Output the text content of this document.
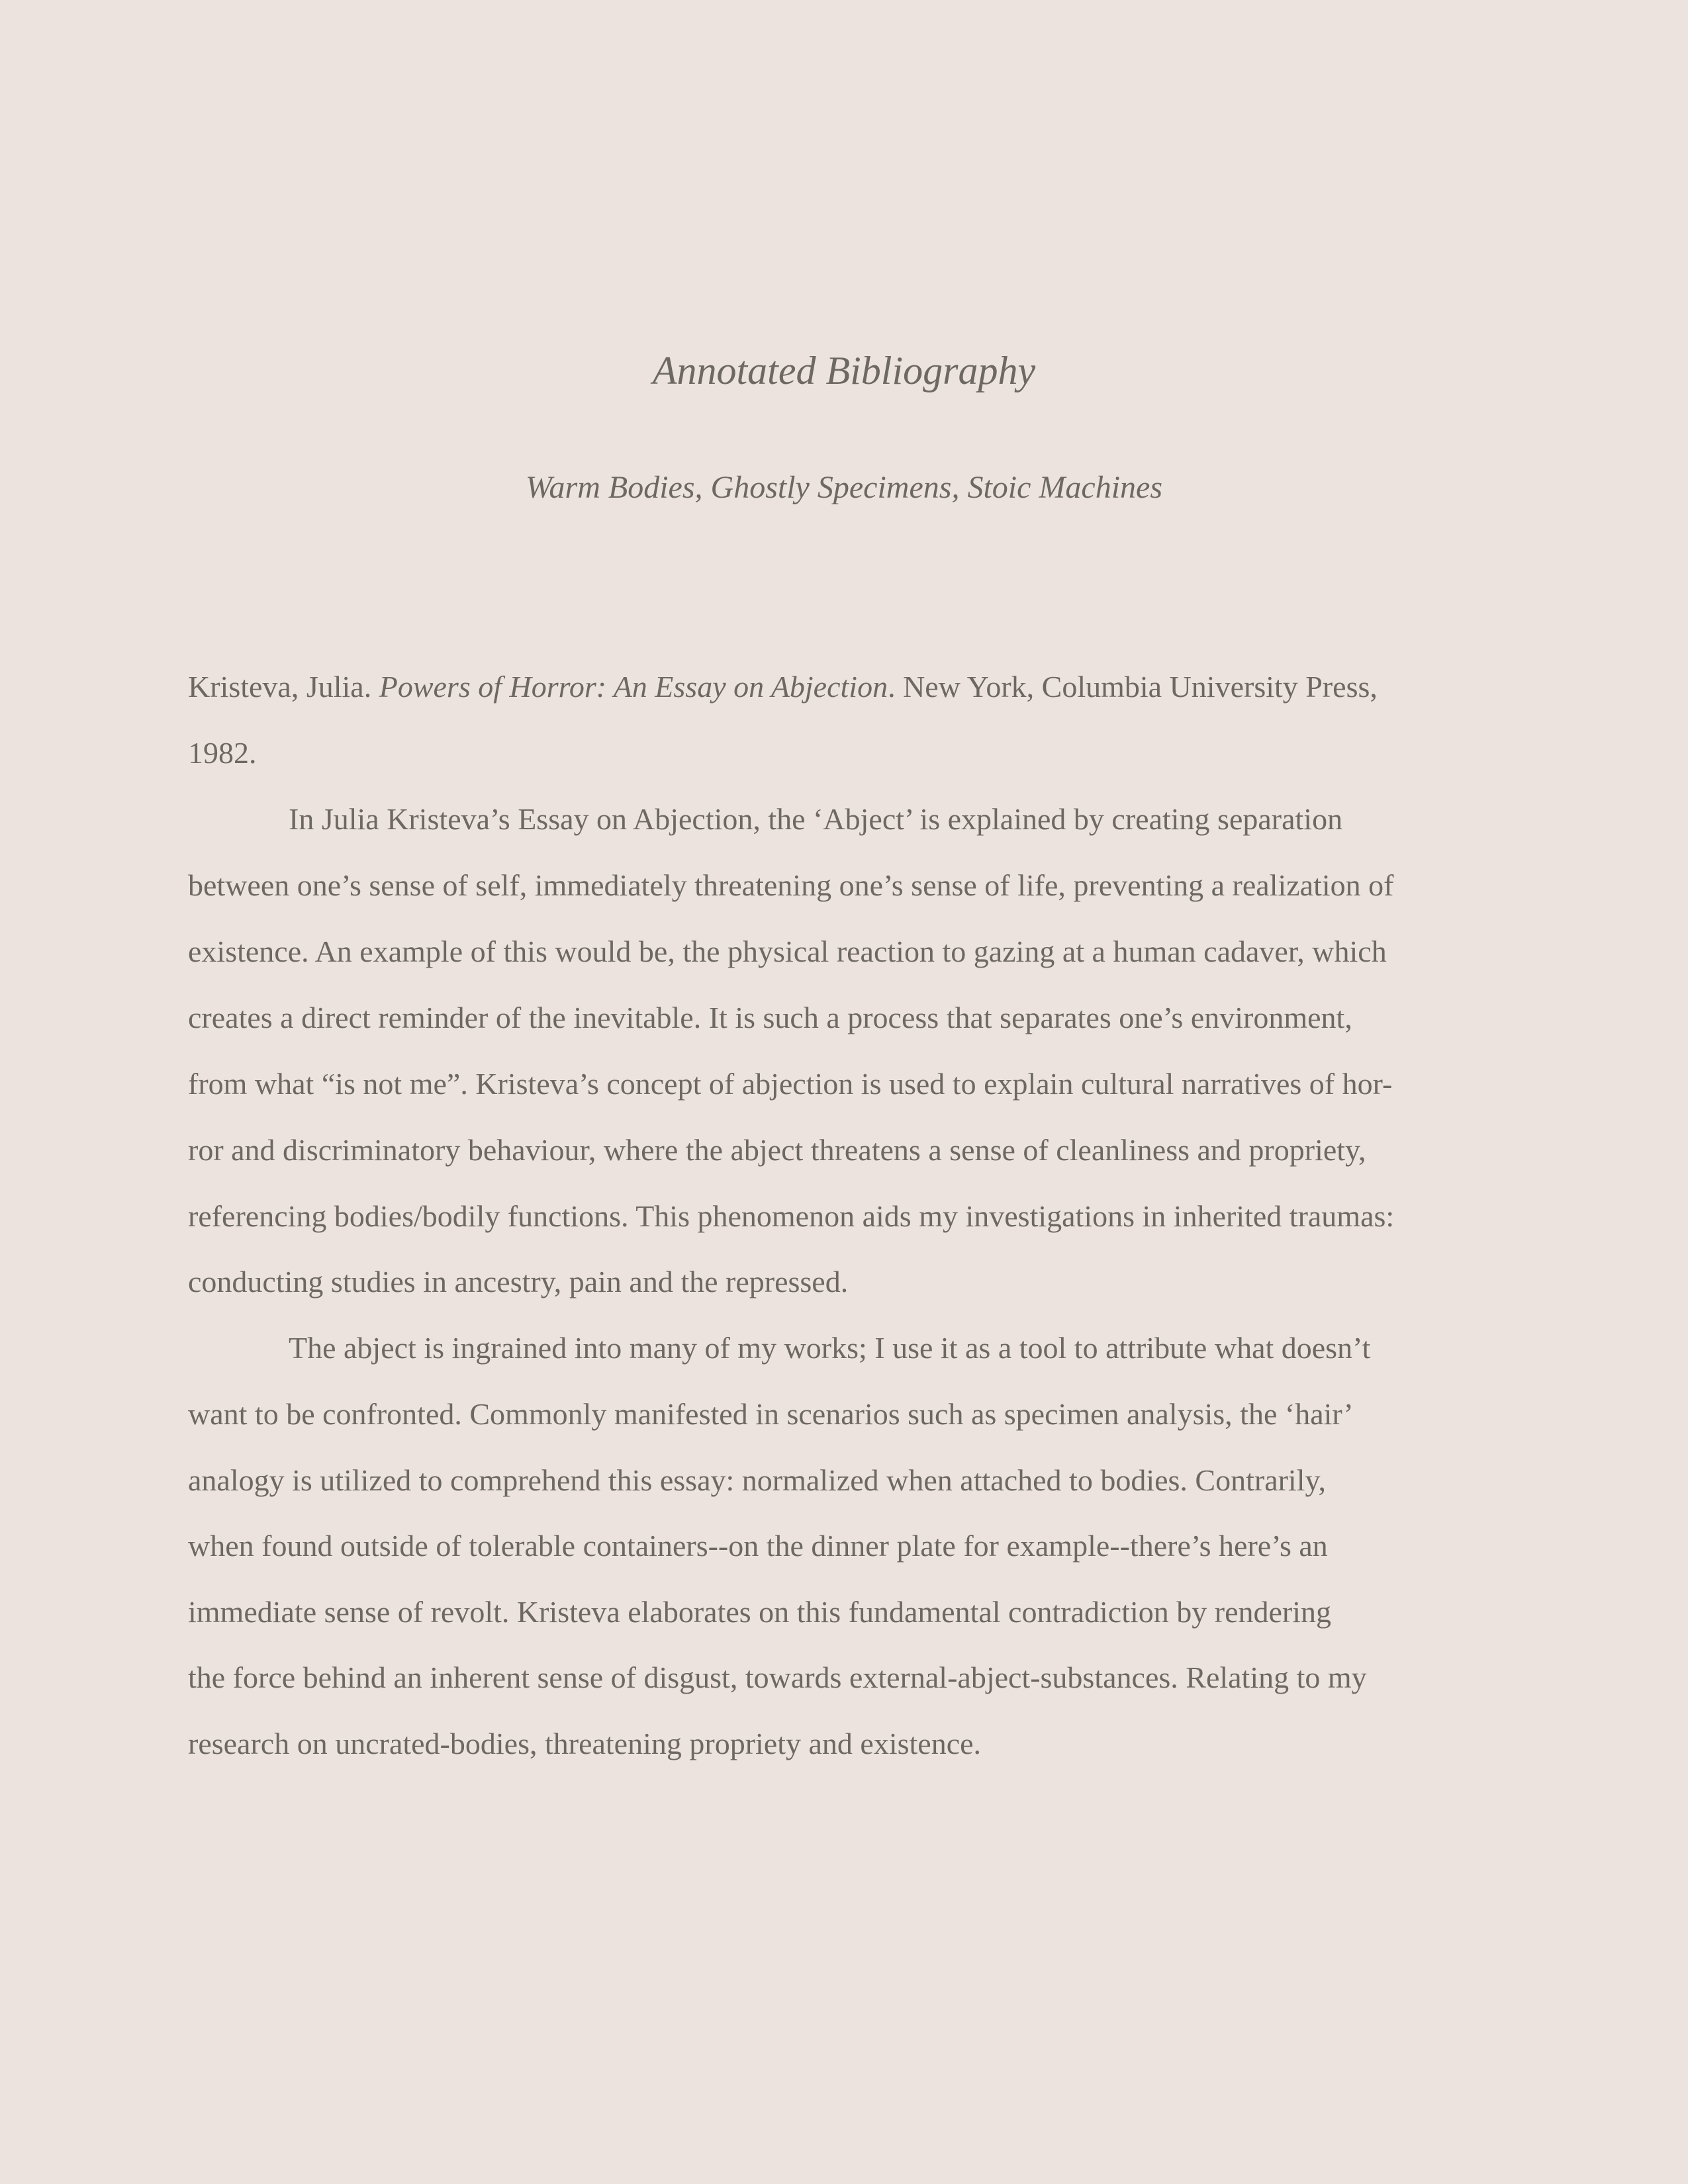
Annotated Bibliography
Warm Bodies, Ghostly Specimens, Stoic Machines
Kristeva, Julia. Powers of Horror: An Essay on Abjection. New York, Columbia University Press,
1982.
In Julia Kristeva’s Essay on Abjection, the ‘Abject’ is explained by creating separation
between one’s sense of self, immediately threatening one’s sense of life, preventing a realization of
existence. An example of this would be, the physical reaction to gazing at a human cadaver, which
creates a direct reminder of the inevitable. It is such a process that separates one’s environment,
from what “is not me”. Kristeva’s concept of abjection is used to explain cultural narratives of hor-
ror and discriminatory behaviour, where the abject threatens a sense of cleanliness and propriety,
referencing bodies/bodily functions. This phenomenon aids my investigations in inherited traumas:
conducting studies in ancestry, pain and the repressed.
The abject is ingrained into many of my works; I use it as a tool to attribute what doesn’t
want to be confronted. Commonly manifested in scenarios such as specimen analysis, the ‘hair’
analogy is utilized to comprehend this essay: normalized when attached to bodies. Contrarily,
when found outside of tolerable containers--on the dinner plate for example--there’s here’s an
immediate sense of revolt. Kristeva elaborates on this fundamental contradiction by rendering
the force behind an inherent sense of disgust, towards external-abject-substances. Relating to my
research on uncrated-bodies, threatening propriety and existence.
